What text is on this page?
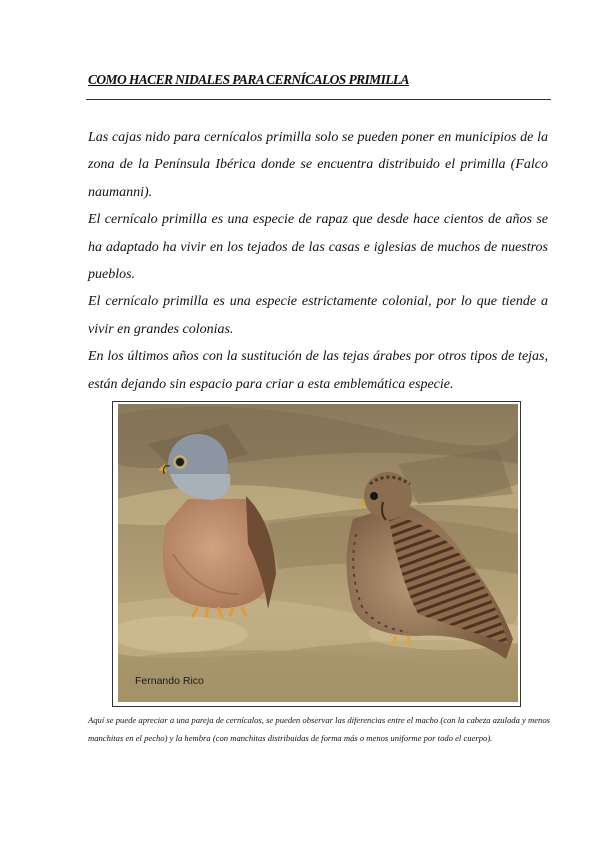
COMO HACER NIDALES PARA CERNÍCALOS PRIMILLA

Las cajas nido para cernícalos primilla solo se pueden poner en municipios de la zona de la Península Ibérica donde se encuentra distribuido el primilla (Falco naumanni).

El cernícalo primilla es una especie de rapaz que desde hace cientos de años se ha adaptado ha vivir en los tejados de las casas e iglesias de muchos de nuestros pueblos.

El cernícalo primilla es una especie estrictamente colonial, por lo que tiende a vivir en grandes colonias.

En los últimos años con la sustitución de las tejas árabes por otros tipos de tejas, están dejando sin espacio para criar a esta emblemática especie.

Fernando Rico

Aquí se puede apreciar a una pareja de cernícalos, se pueden observar las diferencias entre el macho (con la cabeza azulada y menos manchitas en el pecho) y la hembra (con manchitas distribuidas de forma más o menos uniforme por todo el cuerpo).
